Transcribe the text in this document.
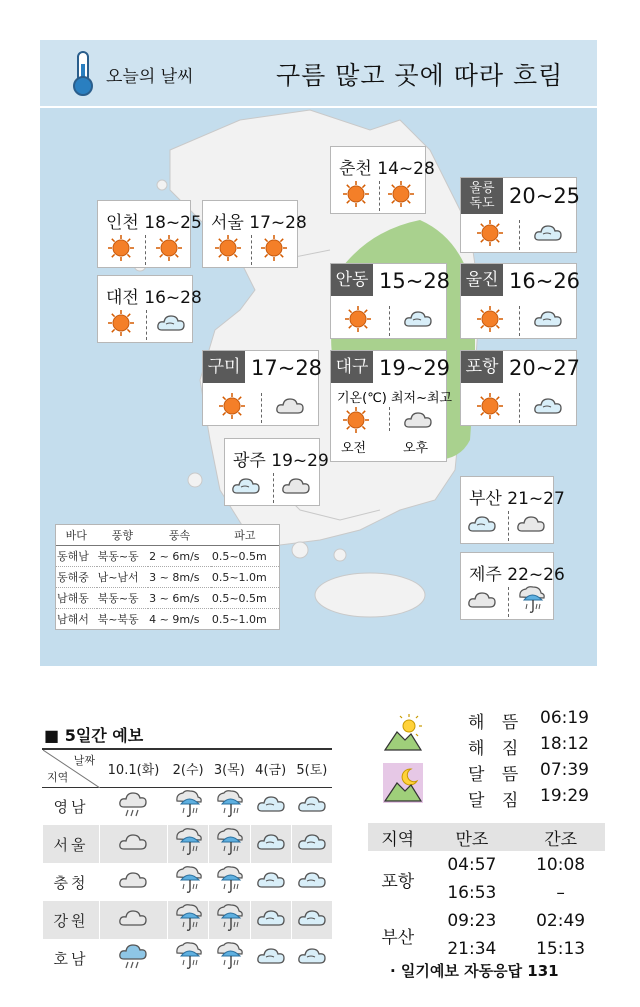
오늘의 날씨	구름 많고 곳에 따라 흐림
인천 18~25 서울 17~28
춘천 14~28
대전 16~28
광주 19~29
부산 21~27
제주 22~26
울릉
독도 20~25
안동 15~28 울진 16~26
구미 17~28 대구 19~29
기온(℃) 최저~최고
오전	오후
포항 20~27
바다	풍향	풍속	파고
동해남	북동~동	2 ~ 6m/s	0.5~0.5m
동해중	남~남서	3 ~ 8m/s	0.5~1.0m
남해동	북동~동	3 ~ 6m/s	0.5~0.5m
남해서	북~북동	4 ~ 9m/s	0.5~1.0m
■ 5일간 예보
날짜
지역	10.1(화)	2(수)	3(목)	4(금)	5(토)
영남					
서울					
충청					
강원					
호남					
해 뜸 06:19
해 짐 18:12
달 뜸 07:39
달 짐 19:29
지역	만조	간조
포항	04:57	10:08
	16:53	–
부산	09:23	02:49
	21:34	15:13
· 일기예보 자동응답 131
